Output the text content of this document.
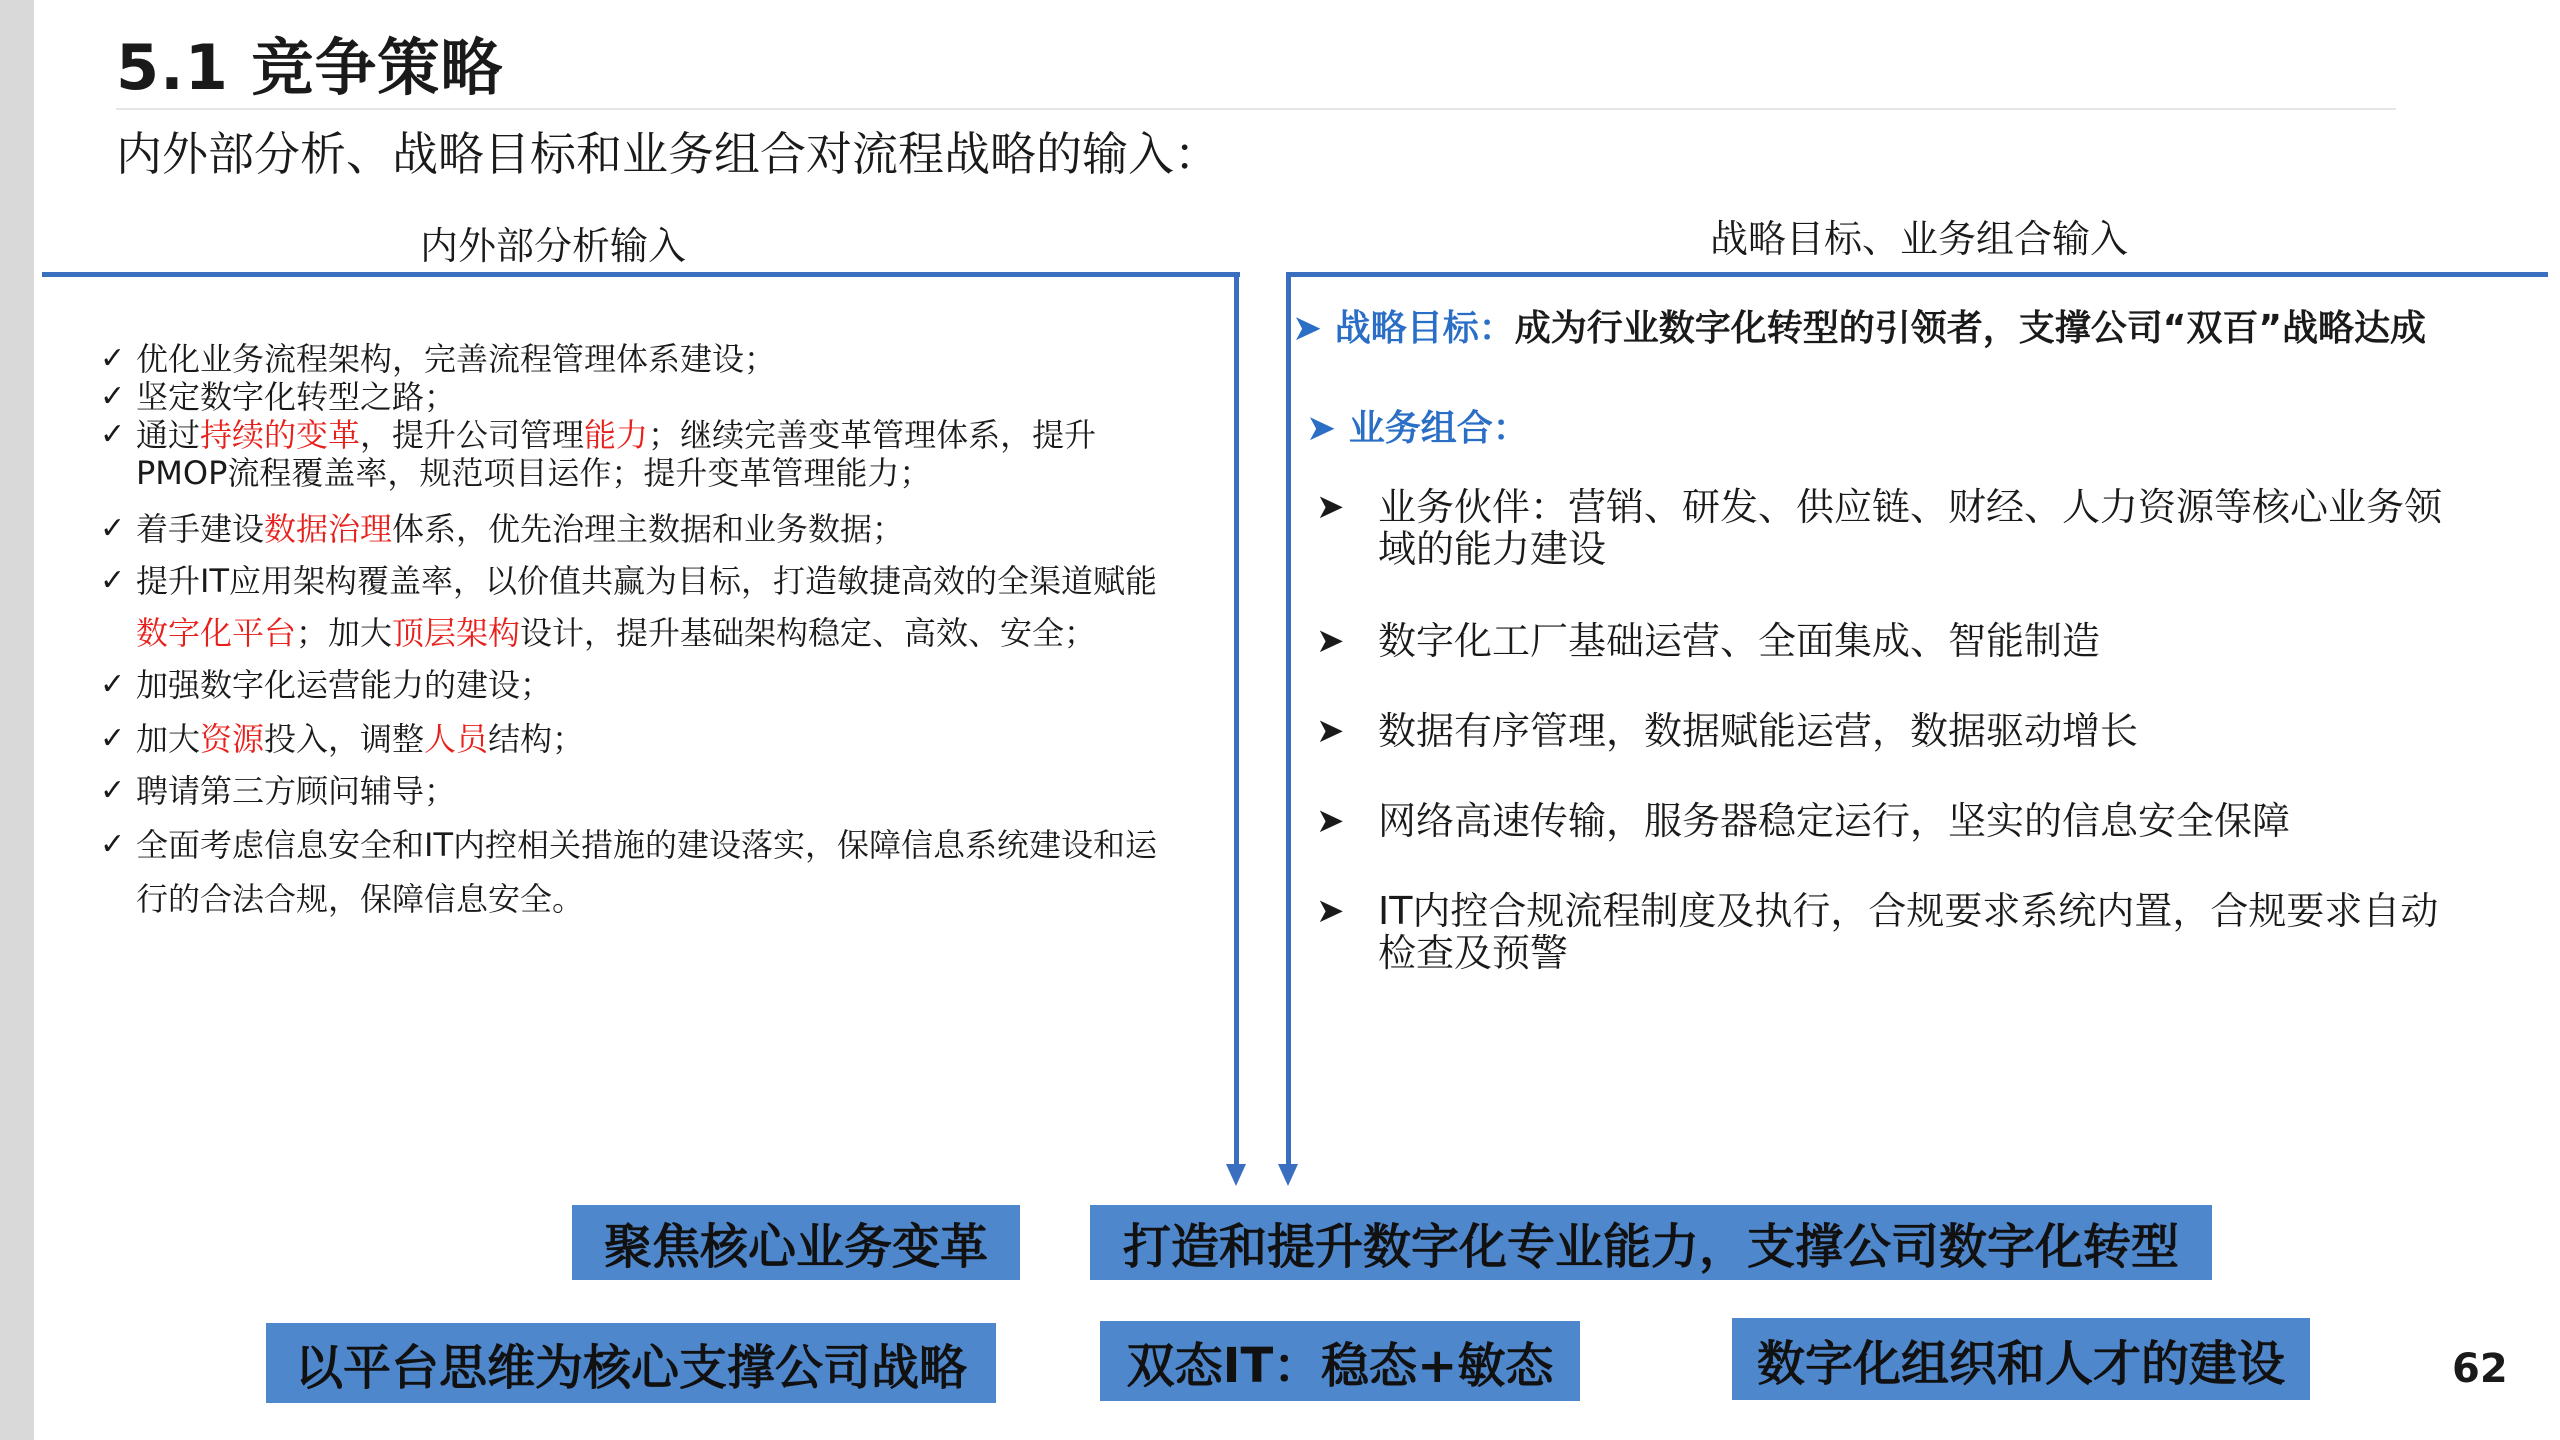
5.1 竞争策略
内外部分析、战略目标和业务组合对流程战略的输入：
内外部分析输入	战略目标、业务组合输入
✓ 优化业务流程架构，完善流程管理体系建设；
✓ 坚定数字化转型之路；
✓ 通过持续的变革，提升公司管理能力；继续完善变革管理体系，提升
PMOP流程覆盖率，规范项目运作；提升变革管理能力；
✓ 着手建设数据治理体系，优先治理主数据和业务数据；
✓ 提升IT应用架构覆盖率，以价值共赢为目标，打造敏捷高效的全渠道赋能
数字化平台；加大顶层架构设计，提升基础架构稳定、高效、安全；
✓ 加强数字化运营能力的建设；
✓ 加大资源投入，调整人员结构；
✓ 聘请第三方顾问辅导；
✓ 全面考虑信息安全和IT内控相关措施的建设落实，保障信息系统建设和运
行的合法合规，保障信息安全。
➤ 战略目标：成为行业数字化转型的引领者，支撑公司“双百”战略达成
➤ 业务组合：
➤ 业务伙伴：营销、研发、供应链、财经、人力资源等核心业务领
域的能力建设
➤ 数字化工厂基础运营、全面集成、智能制造
➤ 数据有序管理，数据赋能运营，数据驱动增长
➤ 网络高速传输，服务器稳定运行，坚实的信息安全保障
➤ IT内控合规流程制度及执行，合规要求系统内置，合规要求自动
检查及预警
聚焦核心业务变革	打造和提升数字化专业能力，支撑公司数字化转型
以平台思维为核心支撑公司战略	双态IT：稳态+敏态	数字化组织和人才的建设	62
